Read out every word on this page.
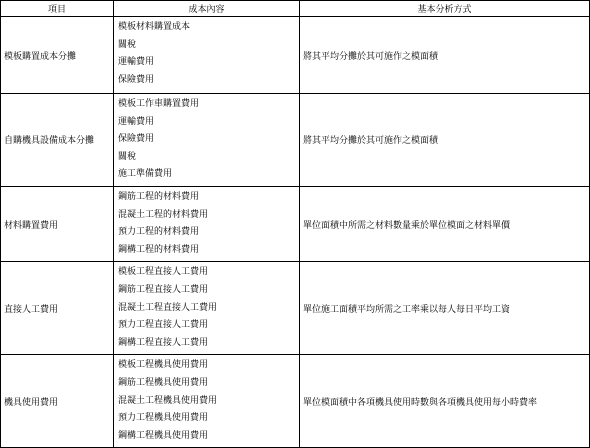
項目	成本內容	基本分析方式
模板購置成本分攤	模板材料購置成本
關稅
運輸費用
保險費用	將其平均分攤於其可施作之模面積
自購機具設備成本分攤	模板工作車購置費用
運輸費用
保險費用
關稅
施工準備費用	將其平均分攤於其可施作之模面積
材料購置費用	鋼筋工程的材料費用
混凝土工程的材料費用
預力工程的材料費用
鋼構工程的材料費用	單位面積中所需之材料數量乘於單位模面之材料單價
直接人工費用	模板工程直接人工費用
鋼筋工程直接人工費用
混凝土工程直接人工費用
預力工程直接人工費用
鋼構工程直接人工費用	單位施工面積平均所需之工率乘以每人每日平均工資
機具使用費用	模板工程機具使用費用
鋼筋工程機具使用費用
混凝土工程機具使用費用
預力工程機具使用費用
鋼構工程機具使用費用	單位模面積中各項機具使用時數與各項機具使用每小時費率
